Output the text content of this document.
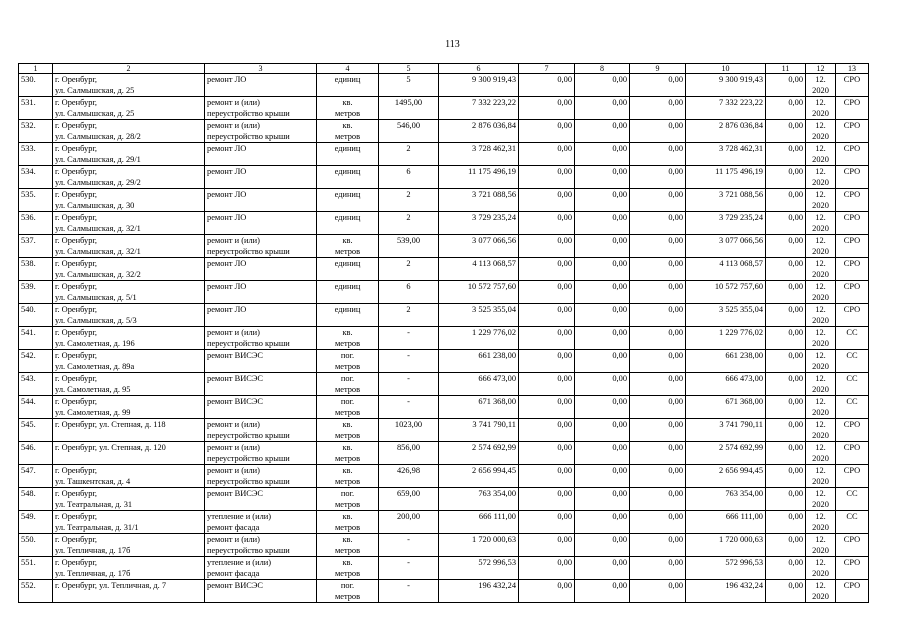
113
1	2	3	4	5	6	7	8	9	10	11	12	13
530.	г. Оренбург,
ул. Салмышская, д. 25	ремонт ЛО	единиц	5	9 300 919,43	0,00	0,00	0,00	9 300 919,43	0,00	12.
2020	СРО
531.	г. Оренбург,
ул. Салмышская, д. 25	ремонт и (или)
переустройство крыши	кв.
метров	1495,00	7 332 223,22	0,00	0,00	0,00	7 332 223,22	0,00	12.
2020	СРО
532.	г. Оренбург,
ул. Салмышская, д. 28/2	ремонт и (или)
переустройство крыши	кв.
метров	546,00	2 876 036,84	0,00	0,00	0,00	2 876 036,84	0,00	12.
2020	СРО
533.	г. Оренбург,
ул. Салмышская, д. 29/1	ремонт ЛО	единиц	2	3 728 462,31	0,00	0,00	0,00	3 728 462,31	0,00	12.
2020	СРО
534.	г. Оренбург,
ул. Салмышская, д. 29/2	ремонт ЛО	единиц	6	11 175 496,19	0,00	0,00	0,00	11 175 496,19	0,00	12.
2020	СРО
535.	г. Оренбург,
ул. Салмышская, д. 30	ремонт ЛО	единиц	2	3 721 088,56	0,00	0,00	0,00	3 721 088,56	0,00	12.
2020	СРО
536.	г. Оренбург,
ул. Салмышская, д. 32/1	ремонт ЛО	единиц	2	3 729 235,24	0,00	0,00	0,00	3 729 235,24	0,00	12.
2020	СРО
537.	г. Оренбург,
ул. Салмышская, д. 32/1	ремонт и (или)
переустройство крыши	кв.
метров	539,00	3 077 066,56	0,00	0,00	0,00	3 077 066,56	0,00	12.
2020	СРО
538.	г. Оренбург,
ул. Салмышская, д. 32/2	ремонт ЛО	единиц	2	4 113 068,57	0,00	0,00	0,00	4 113 068,57	0,00	12.
2020	СРО
539.	г. Оренбург,
ул. Салмышская, д. 5/1	ремонт ЛО	единиц	6	10 572 757,60	0,00	0,00	0,00	10 572 757,60	0,00	12.
2020	СРО
540.	г. Оренбург,
ул. Салмышская, д. 5/3	ремонт ЛО	единиц	2	3 525 355,04	0,00	0,00	0,00	3 525 355,04	0,00	12.
2020	СРО
541.	г. Оренбург,
ул. Самолетная, д. 196	ремонт и (или)
переустройство крыши	кв.
метров	-	1 229 776,02	0,00	0,00	0,00	1 229 776,02	0,00	12.
2020	СС
542.	г. Оренбург,
ул. Самолетная, д. 89а	ремонт ВИСЭС	пог.
метров	-	661 238,00	0,00	0,00	0,00	661 238,00	0,00	12.
2020	СС
543.	г. Оренбург,
ул. Самолетная, д. 95	ремонт ВИСЭС	пог.
метров	-	666 473,00	0,00	0,00	0,00	666 473,00	0,00	12.
2020	СС
544.	г. Оренбург,
ул. Самолетная, д. 99	ремонт ВИСЭС	пог.
метров	-	671 368,00	0,00	0,00	0,00	671 368,00	0,00	12.
2020	СС
545.	г. Оренбург, ул. Степная, д. 118	ремонт и (или)
переустройство крыши	кв.
метров	1023,00	3 741 790,11	0,00	0,00	0,00	3 741 790,11	0,00	12.
2020	СРО
546.	г. Оренбург, ул. Степная, д. 120	ремонт и (или)
переустройство крыши	кв.
метров	856,00	2 574 692,99	0,00	0,00	0,00	2 574 692,99	0,00	12.
2020	СРО
547.	г. Оренбург,
ул. Ташкентская, д. 4	ремонт и (или)
переустройство крыши	кв.
метров	426,98	2 656 994,45	0,00	0,00	0,00	2 656 994,45	0,00	12.
2020	СРО
548.	г. Оренбург,
ул. Театральная, д. 31	ремонт ВИСЭС	пог.
метров	659,00	763 354,00	0,00	0,00	0,00	763 354,00	0,00	12.
2020	СС
549.	г. Оренбург,
ул. Театральная, д. 31/1	утепление и (или)
ремонт фасада	кв.
метров	200,00	666 111,00	0,00	0,00	0,00	666 111,00	0,00	12.
2020	СС
550.	г. Оренбург,
ул. Тепличная, д. 17б	ремонт и (или)
переустройство крыши	кв.
метров	-	1 720 000,63	0,00	0,00	0,00	1 720 000,63	0,00	12.
2020	СРО
551.	г. Оренбург,
ул. Тепличная, д. 17б	утепление и (или)
ремонт фасада	кв.
метров	-	572 996,53	0,00	0,00	0,00	572 996,53	0,00	12.
2020	СРО
552.	г. Оренбург, ул. Тепличная, д. 7	ремонт ВИСЭС	пог.
метров	-	196 432,24	0,00	0,00	0,00	196 432,24	0,00	12.
2020	СРО
